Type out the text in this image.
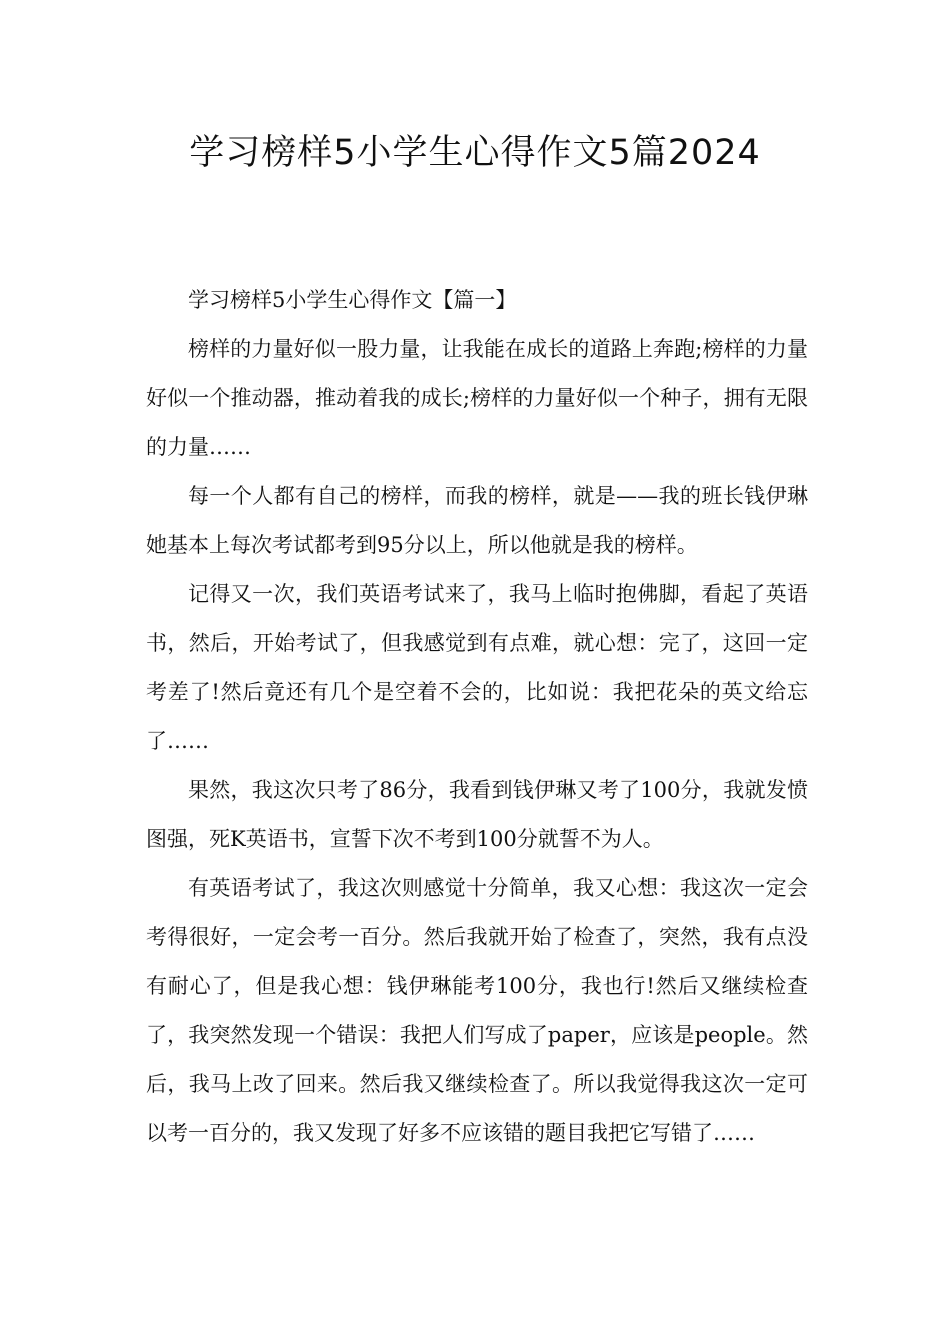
学习榜样5小学生心得作文5篇2024
学习榜样5小学生心得作文【篇一】

榜样的力量好似一股力量，让我能在成长的道路上奔跑;榜样的力量好似一个推动器，推动着我的成长;榜样的力量好似一个种子，拥有无限的力量……

每一个人都有自己的榜样，而我的榜样，就是——我的班长钱伊琳她基本上每次考试都考到95分以上，所以他就是我的榜样。

记得又一次，我们英语考试来了，我马上临时抱佛脚，看起了英语书，然后，开始考试了，但我感觉到有点难，就心想：完了，这回一定考差了!然后竟还有几个是空着不会的，比如说：我把花朵的英文给忘了……

果然，我这次只考了86分，我看到钱伊琳又考了100分，我就发愤图强，死K英语书，宣誓下次不考到100分就誓不为人。

有英语考试了，我这次则感觉十分简单，我又心想：我这次一定会考得很好，一定会考一百分。然后我就开始了检查了，突然，我有点没有耐心了，但是我心想：钱伊琳能考100分，我也行!然后又继续检查了，我突然发现一个错误：我把人们写成了paper，应该是people。然后，我马上改了回来。然后我又继续检查了。所以我觉得我这次一定可以考一百分的，我又发现了好多不应该错的题目我把它写错了……
